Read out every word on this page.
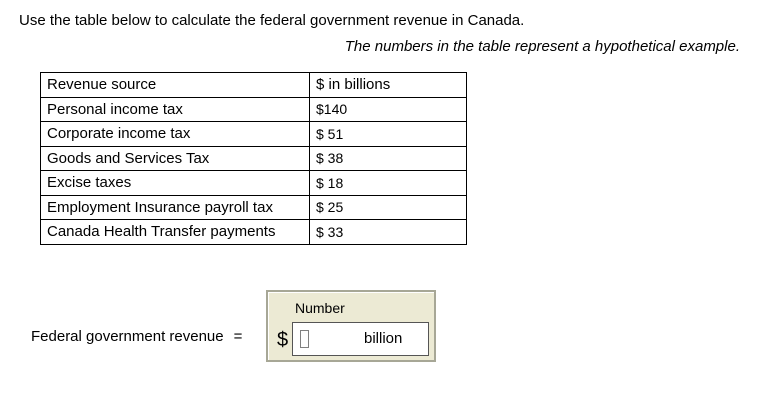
Use the table below to calculate the federal government revenue in Canada.
The numbers in the table represent a hypothetical example.
Revenue source	$ in billions
Personal income tax	$140
Corporate income tax	$ 51
Goods and Services Tax	$ 38
Excise taxes	$ 18
Employment Insurance payroll tax	$ 25
Canada Health Transfer payments	$ 33
Federal government revenue =
Number
$	billion
